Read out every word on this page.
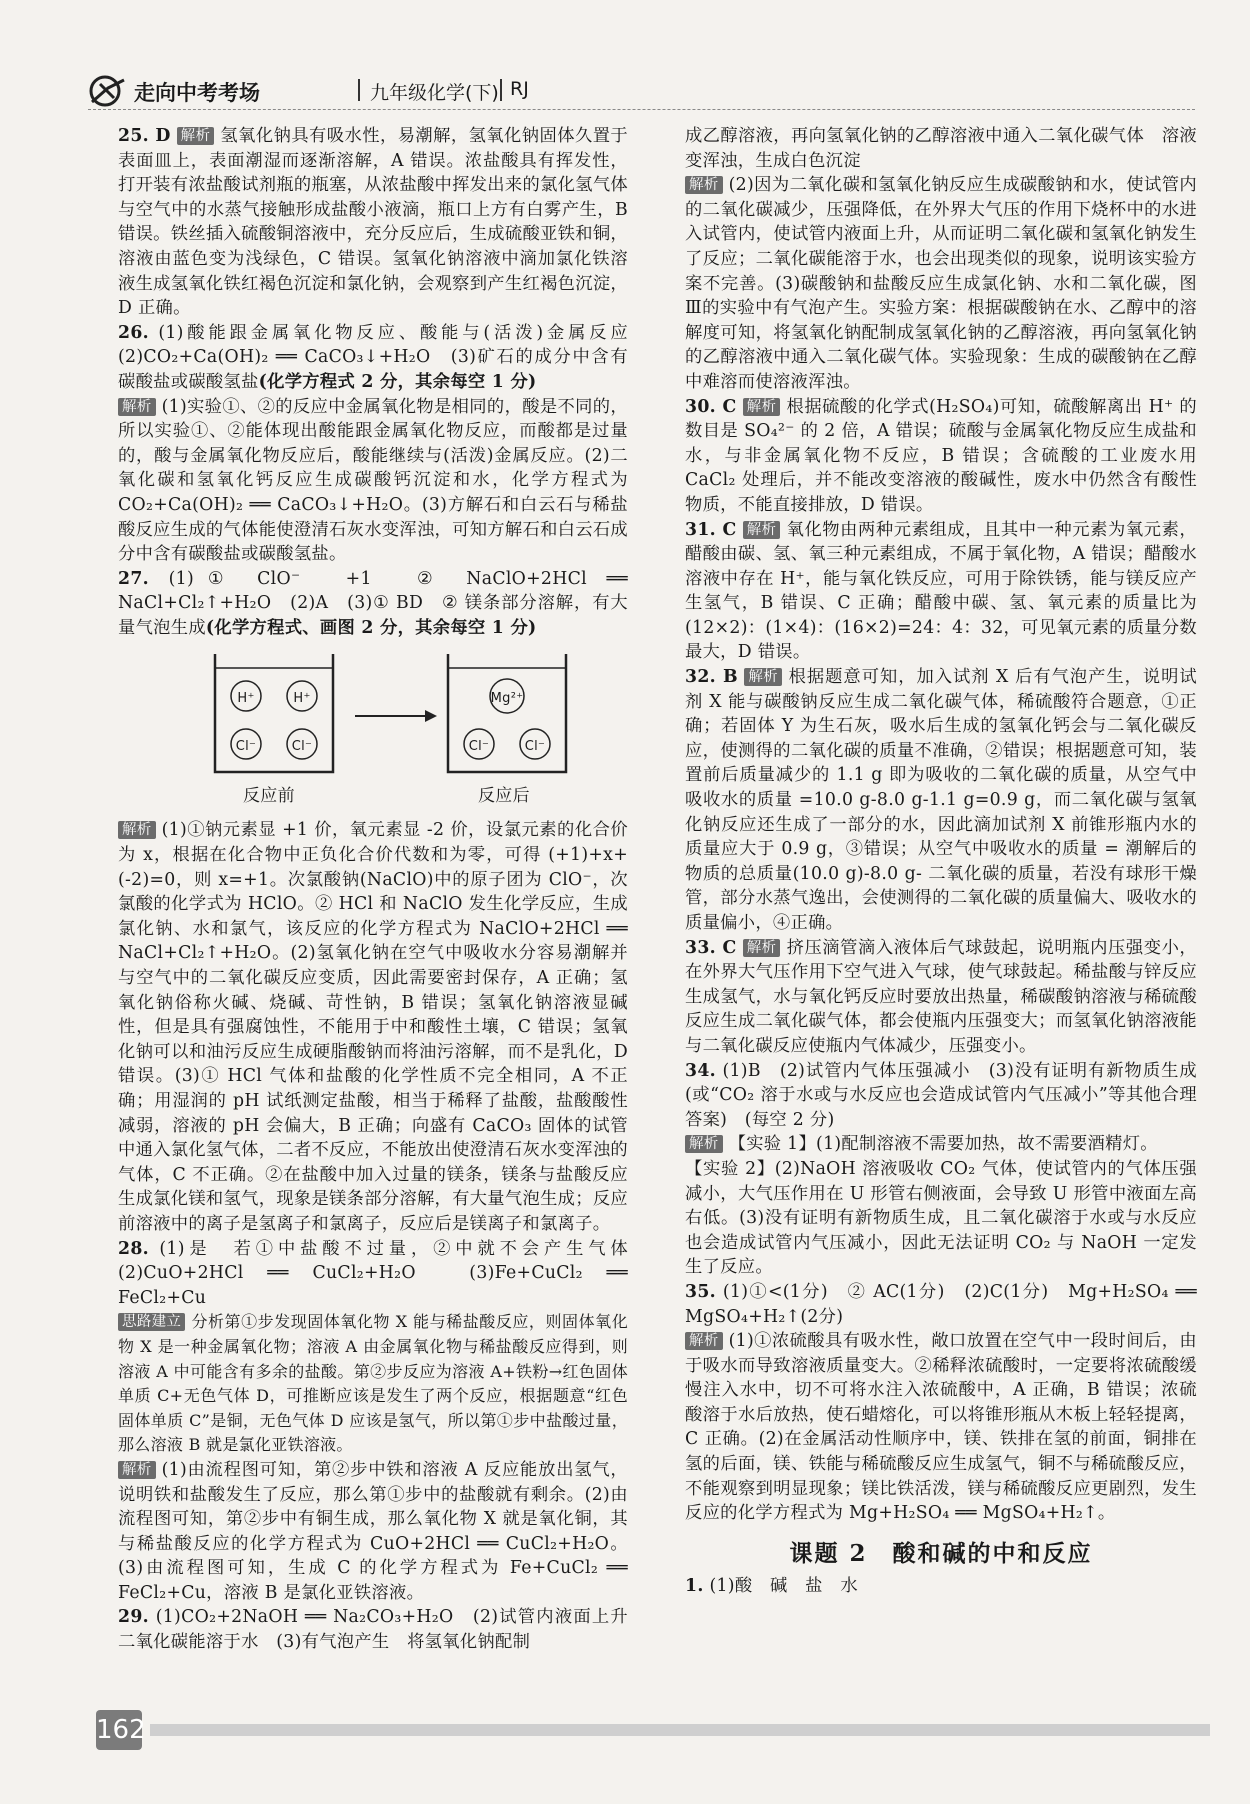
走向中考考场	九年级化学(下) RJ

25. D 解析 氢氧化钠具有吸水性，易潮解，氢氧化钠固体久置于表面皿上，表面潮湿而逐渐溶解，A 错误。浓盐酸具有挥发性，打开装有浓盐酸试剂瓶的瓶塞，从浓盐酸中挥发出来的氯化氢气体与空气中的水蒸气接触形成盐酸小液滴，瓶口上方有白雾产生，B 错误。铁丝插入硫酸铜溶液中，充分反应后，生成硫酸亚铁和铜，溶液由蓝色变为浅绿色，C 错误。氢氧化钠溶液中滴加氯化铁溶液生成氢氧化铁红褐色沉淀和氯化钠，会观察到产生红褐色沉淀，D 正确。

26. (1)酸能跟金属氧化物反应、酸能与(活泼)金属反应　(2)CO₂+Ca(OH)₂ ══ CaCO₃↓+H₂O　(3)矿石的成分中含有碳酸盐或碳酸氢盐(化学方程式 2 分，其余每空 1 分)

解析 (1)实验①、②的反应中金属氧化物是相同的，酸是不同的，所以实验①、②能体现出酸能跟金属氧化物反应，而酸都是过量的，酸与金属氧化物反应后，酸能继续与(活泼)金属反应。(2)二氧化碳和氢氧化钙反应生成碳酸钙沉淀和水，化学方程式为 CO₂+Ca(OH)₂ ══ CaCO₃↓+H₂O。(3)方解石和白云石与稀盐酸反应生成的气体能使澄清石灰水变浑浊，可知方解石和白云石成分中含有碳酸盐或碳酸氢盐。

27. (1)① ClO⁻　+1　② NaClO+2HCl ══ NaCl+Cl₂↑+H₂O　(2)A　(3)① BD　② 镁条部分溶解，有大量气泡生成(化学方程式、画图 2 分，其余每空 1 分)

H⁺	H⁺
Cl⁻	Cl⁻
Mg²⁺
Cl⁻	Cl⁻
反应前	反应后

解析 (1)①钠元素显 +1 价，氧元素显 -2 价，设氯元素的化合价为 x，根据在化合物中正负化合价代数和为零，可得 (+1)+x+(-2)=0，则 x=+1。次氯酸钠(NaClO)中的原子团为 ClO⁻，次氯酸的化学式为 HClO。② HCl 和 NaClO 发生化学反应，生成氯化钠、水和氯气，该反应的化学方程式为 NaClO+2HCl ══ NaCl+Cl₂↑+H₂O。(2)氢氧化钠在空气中吸收水分容易潮解并与空气中的二氧化碳反应变质，因此需要密封保存，A 正确；氢氧化钠俗称火碱、烧碱、苛性钠，B 错误；氢氧化钠溶液显碱性，但是具有强腐蚀性，不能用于中和酸性土壤，C 错误；氢氧化钠可以和油污反应生成硬脂酸钠而将油污溶解，而不是乳化，D 错误。(3)① HCl 气体和盐酸的化学性质不完全相同，A 不正确；用湿润的 pH 试纸测定盐酸，相当于稀释了盐酸，盐酸酸性减弱，溶液的 pH 会偏大，B 正确；向盛有 CaCO₃ 固体的试管中通入氯化氢气体，二者不反应，不能放出使澄清石灰水变浑浊的气体，C 不正确。②在盐酸中加入过量的镁条，镁条与盐酸反应生成氯化镁和氢气，现象是镁条部分溶解，有大量气泡生成；反应前溶液中的离子是氢离子和氯离子，反应后是镁离子和氯离子。

28. (1)是　若①中盐酸不过量，②中就不会产生气体　(2)CuO+2HCl ══ CuCl₂+H₂O　(3)Fe+CuCl₂ ══ FeCl₂+Cu

思路建立 分析第①步发现固体氧化物 X 能与稀盐酸反应，则固体氧化物 X 是一种金属氧化物；溶液 A 由金属氧化物与稀盐酸反应得到，则溶液 A 中可能含有多余的盐酸。第②步反应为溶液 A+铁粉→红色固体单质 C+无色气体 D，可推断应该是发生了两个反应，根据题意“红色固体单质 C”是铜，无色气体 D 应该是氢气，所以第①步中盐酸过量，那么溶液 B 就是氯化亚铁溶液。

解析 (1)由流程图可知，第②步中铁和溶液 A 反应能放出氢气，说明铁和盐酸发生了反应，那么第①步中的盐酸就有剩余。(2)由流程图可知，第②步中有铜生成，那么氧化物 X 就是氧化铜，其与稀盐酸反应的化学方程式为 CuO+2HCl ══ CuCl₂+H₂O。(3)由流程图可知，生成 C 的化学方程式为 Fe+CuCl₂ ══ FeCl₂+Cu，溶液 B 是氯化亚铁溶液。

29. (1)CO₂+2NaOH ══ Na₂CO₃+H₂O　(2)试管内液面上升　二氧化碳能溶于水　(3)有气泡产生　将氢氧化钠配制

成乙醇溶液，再向氢氧化钠的乙醇溶液中通入二氧化碳气体　溶液变浑浊，生成白色沉淀

解析 (2)因为二氧化碳和氢氧化钠反应生成碳酸钠和水，使试管内的二氧化碳减少，压强降低，在外界大气压的作用下烧杯中的水进入试管内，使试管内液面上升，从而证明二氧化碳和氢氧化钠发生了反应；二氧化碳能溶于水，也会出现类似的现象，说明该实验方案不完善。(3)碳酸钠和盐酸反应生成氯化钠、水和二氧化碳，图Ⅲ的实验中有气泡产生。实验方案：根据碳酸钠在水、乙醇中的溶解度可知，将氢氧化钠配制成氢氧化钠的乙醇溶液，再向氢氧化钠的乙醇溶液中通入二氧化碳气体。实验现象：生成的碳酸钠在乙醇中难溶而使溶液浑浊。

30. C 解析 根据硫酸的化学式(H₂SO₄)可知，硫酸解离出 H⁺ 的数目是 SO₄²⁻ 的 2 倍，A 错误；硫酸与金属氧化物反应生成盐和水，与非金属氧化物不反应，B 错误；含硫酸的工业废水用 CaCl₂ 处理后，并不能改变溶液的酸碱性，废水中仍然含有酸性物质，不能直接排放，D 错误。

31. C 解析 氧化物由两种元素组成，且其中一种元素为氧元素，醋酸由碳、氢、氧三种元素组成，不属于氧化物，A 错误；醋酸水溶液中存在 H⁺，能与氧化铁反应，可用于除铁锈，能与镁反应产生氢气，B 错误、C 正确；醋酸中碳、氢、氧元素的质量比为 (12×2)：(1×4)：(16×2)=24：4：32，可见氧元素的质量分数最大，D 错误。

32. B 解析 根据题意可知，加入试剂 X 后有气泡产生，说明试剂 X 能与碳酸钠反应生成二氧化碳气体，稀硫酸符合题意，①正确；若固体 Y 为生石灰，吸水后生成的氢氧化钙会与二氧化碳反应，使测得的二氧化碳的质量不准确，②错误；根据题意可知，装置前后质量减少的 1.1 g 即为吸收的二氧化碳的质量，从空气中吸收水的质量 =10.0 g-8.0 g-1.1 g=0.9 g，而二氧化碳与氢氧化钠反应还生成了一部分的水，因此滴加试剂 X 前锥形瓶内水的质量应大于 0.9 g，③错误；从空气中吸收水的质量 = 潮解后的物质的总质量(10.0 g)-8.0 g- 二氧化碳的质量，若没有球形干燥管，部分水蒸气逸出，会使测得的二氧化碳的质量偏大、吸收水的质量偏小，④正确。

33. C 解析 挤压滴管滴入液体后气球鼓起，说明瓶内压强变小，在外界大气压作用下空气进入气球，使气球鼓起。稀盐酸与锌反应生成氢气，水与氧化钙反应时要放出热量，稀碳酸钠溶液与稀硫酸反应生成二氧化碳气体，都会使瓶内压强变大；而氢氧化钠溶液能与二氧化碳反应使瓶内气体减少，压强变小。

34. (1)B　(2)试管内气体压强减小　(3)没有证明有新物质生成(或“CO₂ 溶于水或与水反应也会造成试管内气压减小”等其他合理答案)　(每空 2 分)

解析 【实验 1】(1)配制溶液不需要加热，故不需要酒精灯。

【实验 2】(2)NaOH 溶液吸收 CO₂ 气体，使试管内的气体压强减小，大气压作用在 U 形管右侧液面，会导致 U 形管中液面左高右低。(3)没有证明有新物质生成，且二氧化碳溶于水或与水反应也会造成试管内气压减小，因此无法证明 CO₂ 与 NaOH 一定发生了反应。

35. (1)①<(1分)　② AC(1分)　(2)C(1分)　Mg+H₂SO₄ ══ MgSO₄+H₂↑(2分)

解析 (1)①浓硫酸具有吸水性，敞口放置在空气中一段时间后，由于吸水而导致溶液质量变大。②稀释浓硫酸时，一定要将浓硫酸缓慢注入水中，切不可将水注入浓硫酸中，A 正确，B 错误；浓硫酸溶于水后放热，使石蜡熔化，可以将锥形瓶从木板上轻轻提离，C 正确。(2)在金属活动性顺序中，镁、铁排在氢的前面，铜排在氢的后面，镁、铁能与稀硫酸反应生成氢气，铜不与稀硫酸反应，不能观察到明显现象；镁比铁活泼，镁与稀硫酸反应更剧烈，发生反应的化学方程式为 Mg+H₂SO₄ ══ MgSO₄+H₂↑。

课题 2　酸和碱的中和反应

1. (1)酸　碱　盐　水

162
